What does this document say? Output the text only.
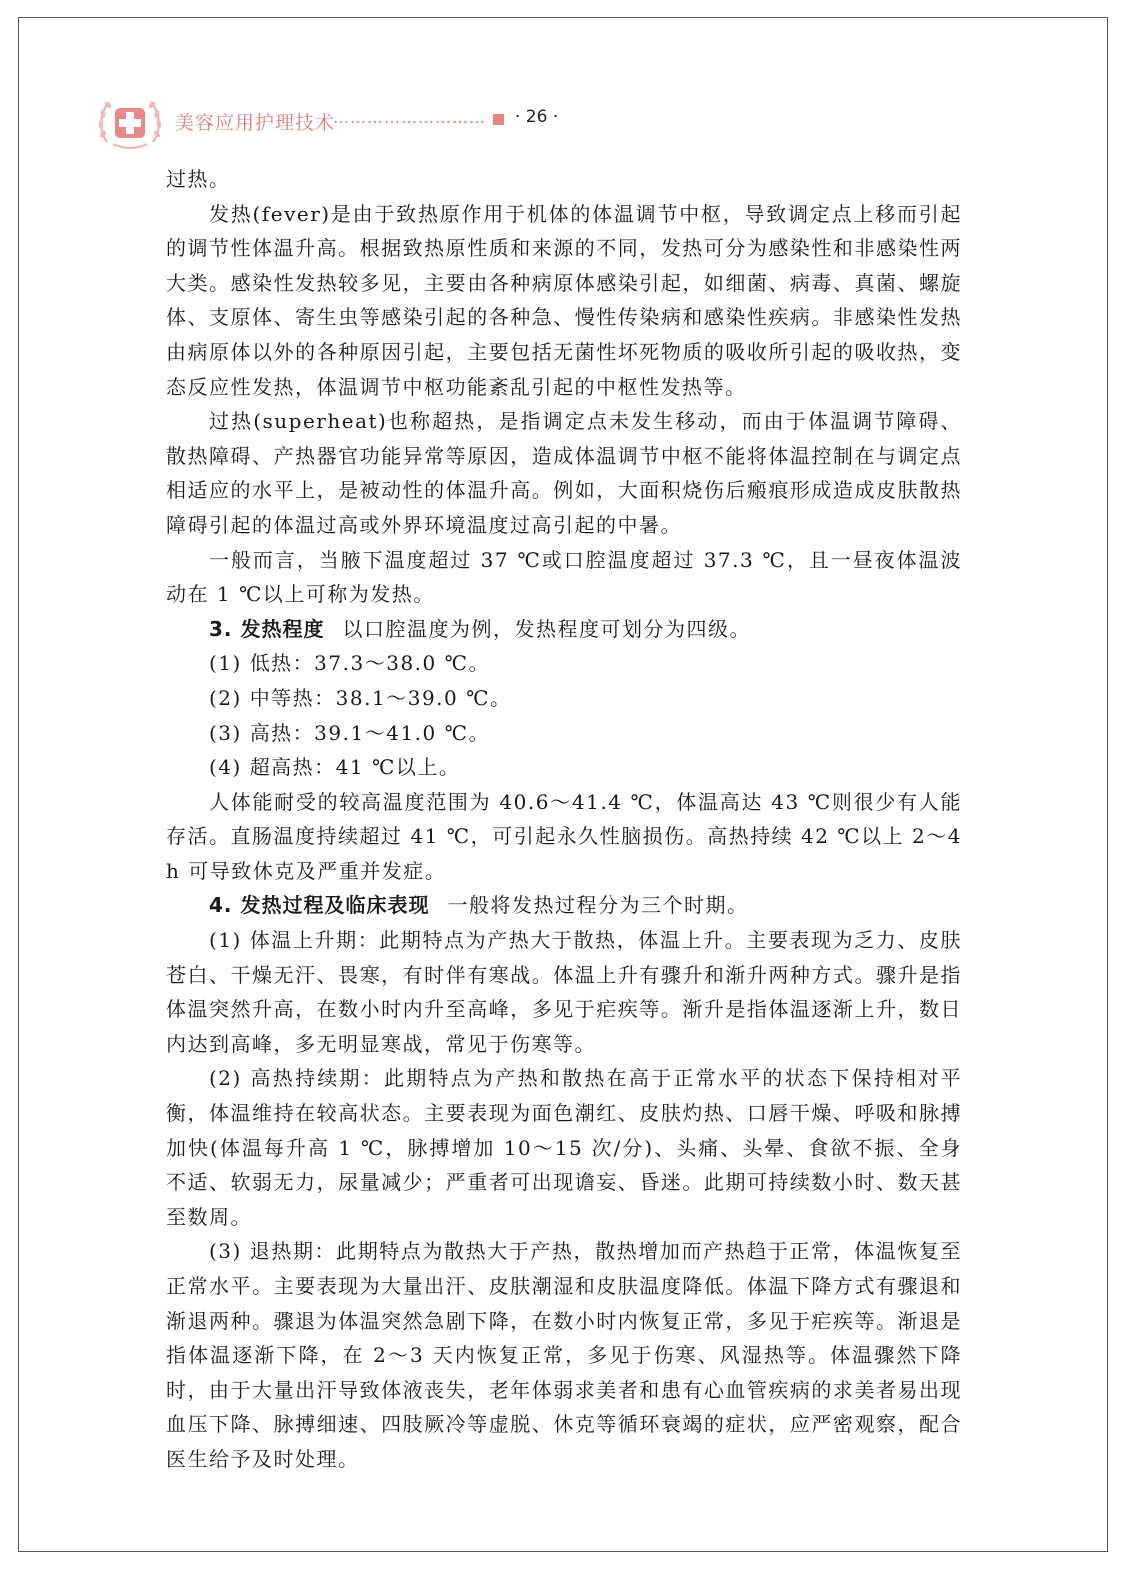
美容应用护理技术
……………………… · 26 ·

过热。

发热(fever)是由于致热原作用于机体的体温调节中枢，导致调定点上移而引起的调节性体温升高。根据致热原性质和来源的不同，发热可分为感染性和非感染性两大类。感染性发热较多见，主要由各种病原体感染引起，如细菌、病毒、真菌、螺旋体、支原体、寄生虫等感染引起的各种急、慢性传染病和感染性疾病。非感染性发热由病原体以外的各种原因引起，主要包括无菌性坏死物质的吸收所引起的吸收热，变态反应性发热，体温调节中枢功能紊乱引起的中枢性发热等。

过热(superheat)也称超热，是指调定点未发生移动，而由于体温调节障碍、散热障碍、产热器官功能异常等原因，造成体温调节中枢不能将体温控制在与调定点相适应的水平上，是被动性的体温升高。例如，大面积烧伤后瘢痕形成造成皮肤散热障碍引起的体温过高或外界环境温度过高引起的中暑。

一般而言，当腋下温度超过 37 ℃或口腔温度超过 37.3 ℃，且一昼夜体温波动在 1 ℃以上可称为发热。

3. 发热程度 以口腔温度为例，发热程度可划分为四级。

(1) 低热：37.3～38.0 ℃。

(2) 中等热：38.1～39.0 ℃。

(3) 高热：39.1～41.0 ℃。

(4) 超高热：41 ℃以上。

人体能耐受的较高温度范围为 40.6～41.4 ℃，体温高达 43 ℃则很少有人能存活。直肠温度持续超过 41 ℃，可引起永久性脑损伤。高热持续 42 ℃以上 2～4 h 可导致休克及严重并发症。

4. 发热过程及临床表现 一般将发热过程分为三个时期。

(1) 体温上升期：此期特点为产热大于散热，体温上升。主要表现为乏力、皮肤苍白、干燥无汗、畏寒，有时伴有寒战。体温上升有骤升和渐升两种方式。骤升是指体温突然升高，在数小时内升至高峰，多见于疟疾等。渐升是指体温逐渐上升，数日内达到高峰，多无明显寒战，常见于伤寒等。

(2) 高热持续期：此期特点为产热和散热在高于正常水平的状态下保持相对平衡，体温维持在较高状态。主要表现为面色潮红、皮肤灼热、口唇干燥、呼吸和脉搏加快(体温每升高 1 ℃，脉搏增加 10～15 次/分)、头痛、头晕、食欲不振、全身不适、软弱无力，尿量减少；严重者可出现谵妄、昏迷。此期可持续数小时、数天甚至数周。

(3) 退热期：此期特点为散热大于产热，散热增加而产热趋于正常，体温恢复至正常水平。主要表现为大量出汗、皮肤潮湿和皮肤温度降低。体温下降方式有骤退和渐退两种。骤退为体温突然急剧下降，在数小时内恢复正常，多见于疟疾等。渐退是指体温逐渐下降，在 2～3 天内恢复正常，多见于伤寒、风湿热等。体温骤然下降时，由于大量出汗导致体液丧失，老年体弱求美者和患有心血管疾病的求美者易出现血压下降、脉搏细速、四肢厥冷等虚脱、休克等循环衰竭的症状，应严密观察，配合医生给予及时处理。
